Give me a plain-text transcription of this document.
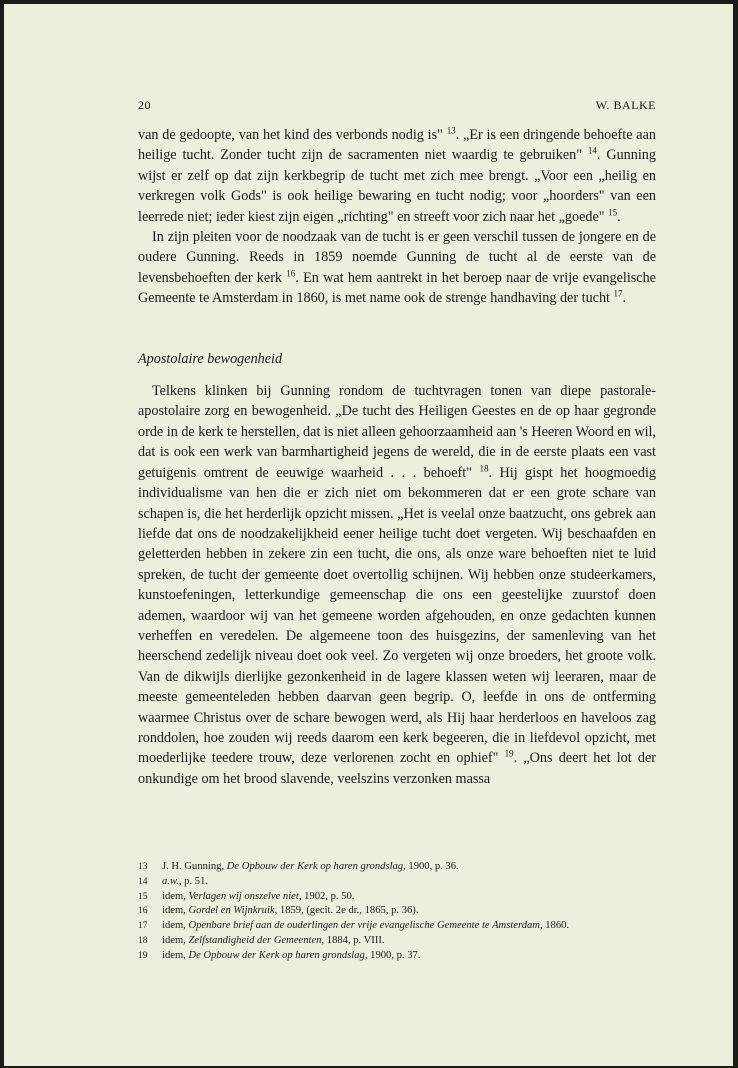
20	W. BALKE

van de gedoopte, van het kind des verbonds nodig is" $^{13}$. „Er is een dringende behoefte aan heilige tucht. Zonder tucht zijn de sacramenten niet waardig te gebruiken" $^{14}$. Gunning wijst er zelf op dat zijn kerkbegrip de tucht met zich mee brengt. „Voor een „heilig en verkregen volk Gods" is ook heilige bewaring en tucht nodig; voor „hoorders" van een leerrede niet; ieder kiest zijn eigen „richting" en streeft voor zich naar het „goede" $^{15}$.

In zijn pleiten voor de noodzaak van de tucht is er geen verschil tussen de jongere en de oudere Gunning. Reeds in 1859 noemde Gunning de tucht al de eerste van de levensbehoeften der kerk $^{16}$. En wat hem aantrekt in het beroep naar de vrije evangelische Gemeente te Amsterdam in 1860, is met name ook de strenge handhaving der tucht $^{17}$.

Apostolaire bewogenheid

Telkens klinken bij Gunning rondom de tuchtvragen tonen van diepe pastorale-apostolaire zorg en bewogenheid. „De tucht des Heiligen Geestes en de op haar gegronde orde in de kerk te herstellen, dat is niet alleen gehoorzaamheid aan 's Heeren Woord en wil, dat is ook een werk van barmhartigheid jegens de wereld, die in de eerste plaats een vast getuigenis omtrent de eeuwige waarheid . . . behoeft" $^{18}$. Hij gispt het hoogmoedig individualisme van hen die er zich niet om bekommeren dat er een grote schare van schapen is, die het herderlijk opzicht missen. „Het is veelal onze baatzucht, ons gebrek aan liefde dat ons de noodzakelijkheid eener heilige tucht doet vergeten. Wij beschaafden en geletterden hebben in zekere zin een tucht, die ons, als onze ware behoeften niet te luid spreken, de tucht der gemeente doet overtollig schijnen. Wij hebben onze studeerkamers, kunstoefeningen, letterkundige gemeenschap die ons een geestelijke zuurstof doen ademen, waardoor wij van het gemeene worden afgehouden, en onze gedachten kunnen verheffen en veredelen. De algemeene toon des huisgezins, der samenleving van het heerschend zedelijk niveau doet ook veel. Zo vergeten wij onze broeders, het groote volk. Van de dikwijls dierlijke gezonkenheid in de lagere klassen weten wij leeraren, maar de meeste gemeenteleden hebben daarvan geen begrip. O, leefde in ons de ontferming waarmee Christus over de schare bewogen werd, als Hij haar herderloos en haveloos zag ronddolen, hoe zouden wij reeds daarom een kerk begeeren, die in liefdevol opzicht, met moederlijke teedere trouw, deze verlorenen zocht en ophief" $^{19}$. „Ons deert het lot der onkundige om het brood slavende, veelszins verzonken massa

13	J. H. Gunning, De Opbouw der Kerk op haren grondslag, 1900, p. 36.
14	a.w., p. 51.
15	idem, Verlagen wij onszelve niet, 1902, p. 50.
16	idem, Gordel en Wijnkruik, 1859, (gecit. 2e dr., 1865, p. 36).
17	idem, Openbare brief aan de ouderlingen der vrije evangelische Gemeente te Amsterdam, 1860.
18	idem, Zelfstandigheid der Gemeenten, 1884, p. VIII.
19	idem, De Opbouw der Kerk op haren grondslag, 1900, p. 37.
